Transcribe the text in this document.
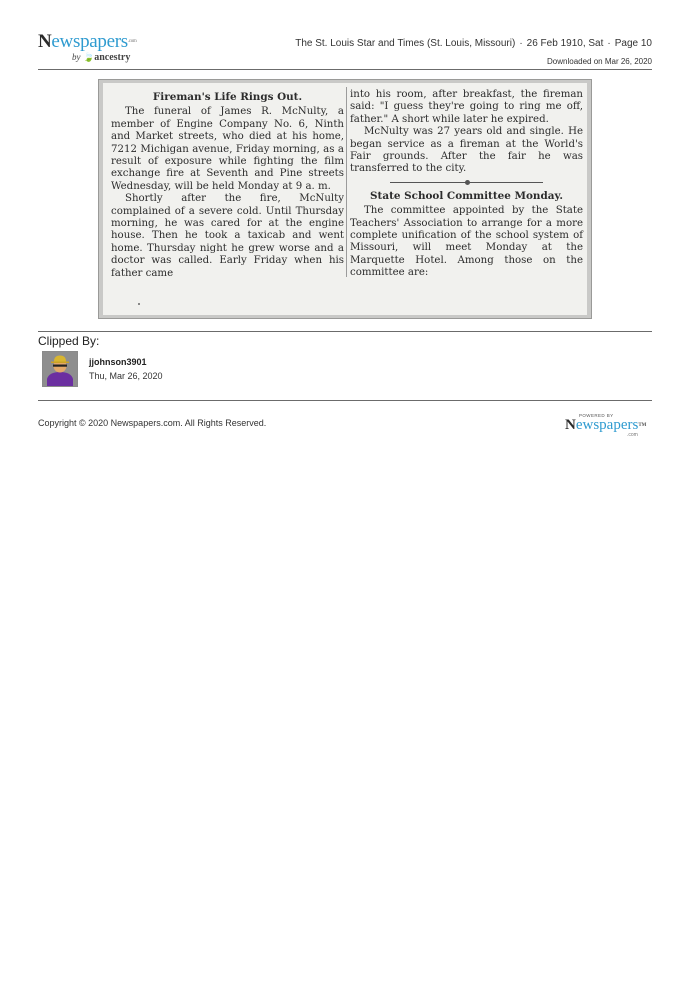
Newspapers.com
by 🍃ancestry
The St. Louis Star and Times (St. Louis, Missouri) · 26 Feb 1910, Sat · Page 10
Downloaded on Mar 26, 2020
Fireman's Life Rings Out.

The funeral of James R. McNulty, a member of Engine Company No. 6, Ninth and Market streets, who died at his home, 7212 Michigan avenue, Friday morning, as a result of exposure while fighting the film exchange fire at Seventh and Pine streets Wednesday, will be held Monday at 9 a. m.

Shortly after the fire, McNulty complained of a severe cold. Until Thursday morning, he was cared for at the engine house. Then he took a taxicab and went home. Thursday night he grew worse and a doctor was called. Early Friday when his father came

into his room, after breakfast, the fireman said: "I guess they're going to ring me off, father." A short while later he expired.

McNulty was 27 years old and single. He began service as a fireman at the World's Fair grounds. After the fair he was transferred to the city.

State School Committee Monday.

The committee appointed by the State Teachers' Association to arrange for a more complete unification of the school system of Missouri, will meet Monday at the Marquette Hotel. Among those on the committee are:

Clipped By:
jjohnson3901
Thu, Mar 26, 2020
Copyright © 2020 Newspapers.com. All Rights Reserved.
POWERED BY
Newspapers™
.com
